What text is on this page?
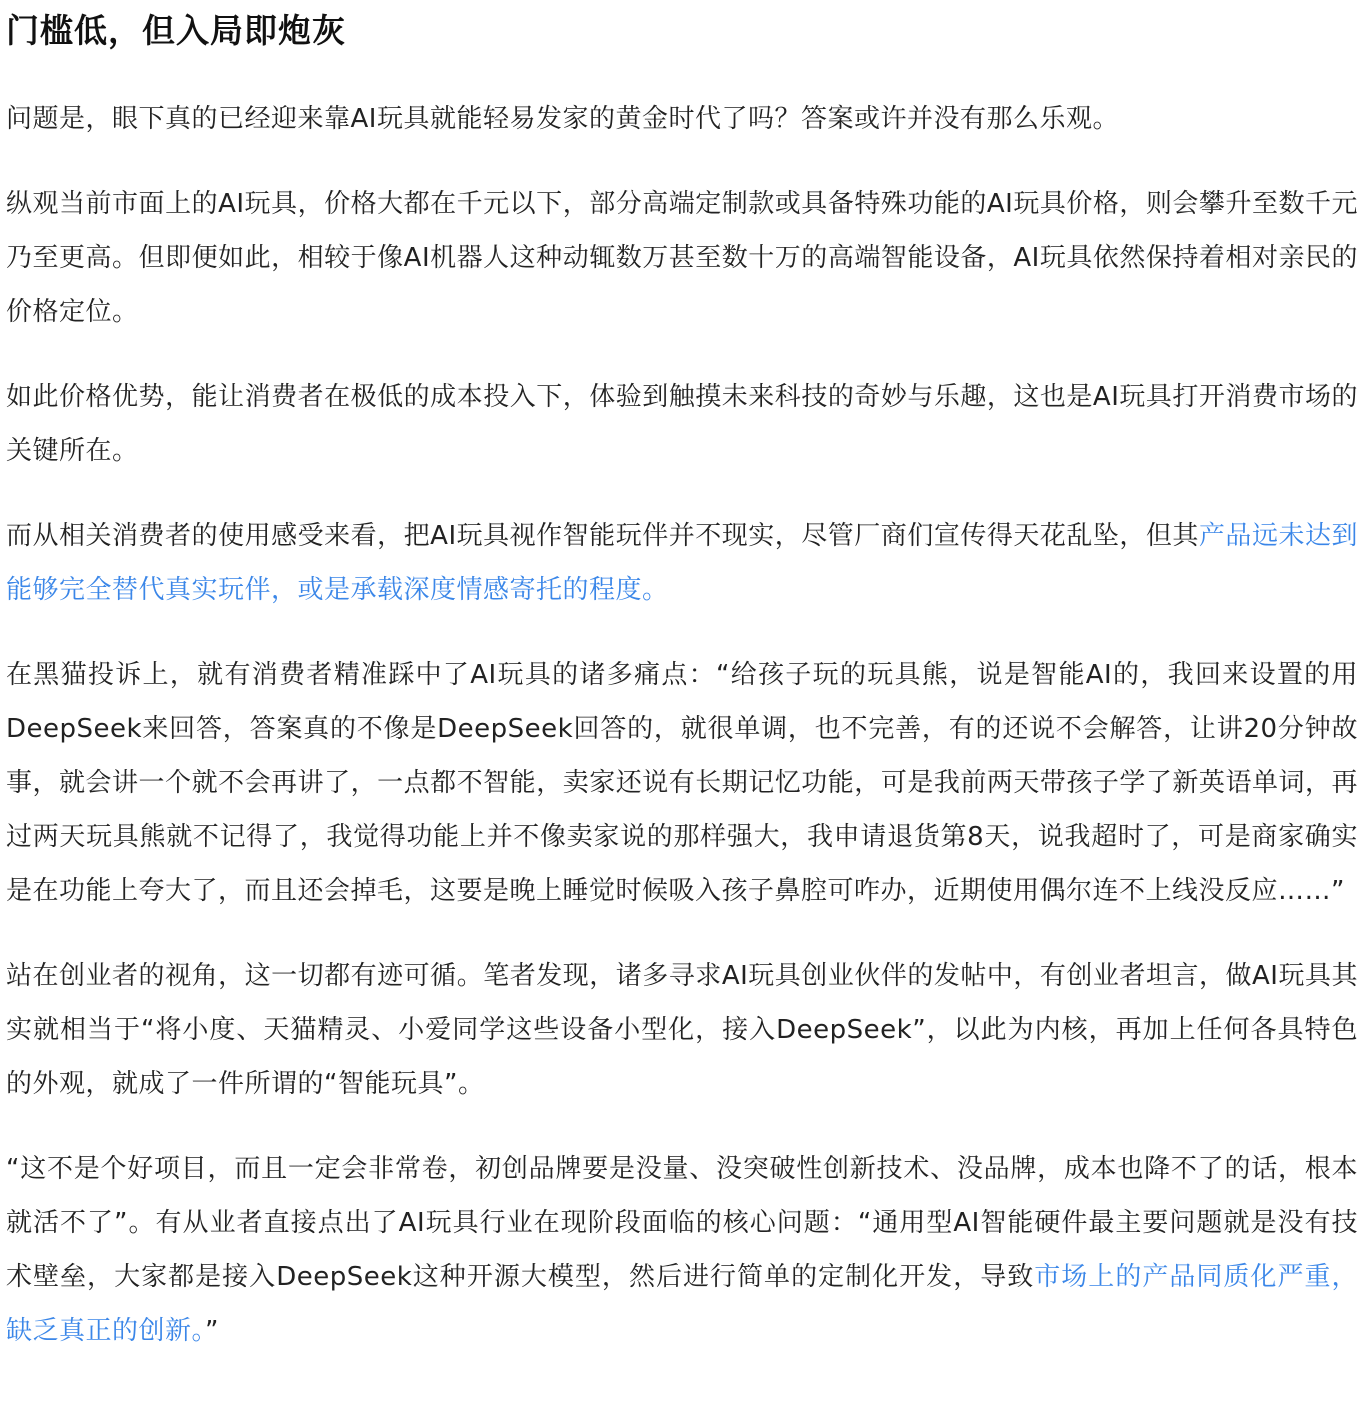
门槛低，但入局即炮灰

问题是，眼下真的已经迎来靠AI玩具就能轻易发家的黄金时代了吗？答案或许并没有那么乐观。

纵观当前市面上的AI玩具，价格大都在千元以下，部分高端定制款或具备特殊功能的AI玩具价格，则会攀升至数千元乃至更高。但即便如此，相较于像AI机器人这种动辄数万甚至数十万的高端智能设备，AI玩具依然保持着相对亲民的价格定位。

如此价格优势，能让消费者在极低的成本投入下，体验到触摸未来科技的奇妙与乐趣，这也是AI玩具打开消费市场的关键所在。

而从相关消费者的使用感受来看，把AI玩具视作智能玩伴并不现实，尽管厂商们宣传得天花乱坠，但其产品远未达到能够完全替代真实玩伴，或是承载深度情感寄托的程度。

在黑猫投诉上，就有消费者精准踩中了AI玩具的诸多痛点：“给孩子玩的玩具熊，说是智能AI的，我回来设置的用DeepSeek来回答，答案真的不像是DeepSeek回答的，就很单调，也不完善，有的还说不会解答，让讲20分钟故事，就会讲一个就不会再讲了，一点都不智能，卖家还说有长期记忆功能，可是我前两天带孩子学了新英语单词，再过两天玩具熊就不记得了，我觉得功能上并不像卖家说的那样强大，我申请退货第8天，说我超时了，可是商家确实是在功能上夸大了，而且还会掉毛，这要是晚上睡觉时候吸入孩子鼻腔可咋办，近期使用偶尔连不上线没反应……”

站在创业者的视角，这一切都有迹可循。笔者发现，诸多寻求AI玩具创业伙伴的发帖中，有创业者坦言，做AI玩具其实就相当于“将小度、天猫精灵、小爱同学这些设备小型化，接入DeepSeek”，以此为内核，再加上任何各具特色的外观，就成了一件所谓的“智能玩具”。

“这不是个好项目，而且一定会非常卷，初创品牌要是没量、没突破性创新技术、没品牌，成本也降不了的话，根本就活不了”。有从业者直接点出了AI玩具行业在现阶段面临的核心问题：“通用型AI智能硬件最主要问题就是没有技术壁垒，大家都是接入DeepSeek这种开源大模型，然后进行简单的定制化开发，导致市场上的产品同质化严重，缺乏真正的创新。”
